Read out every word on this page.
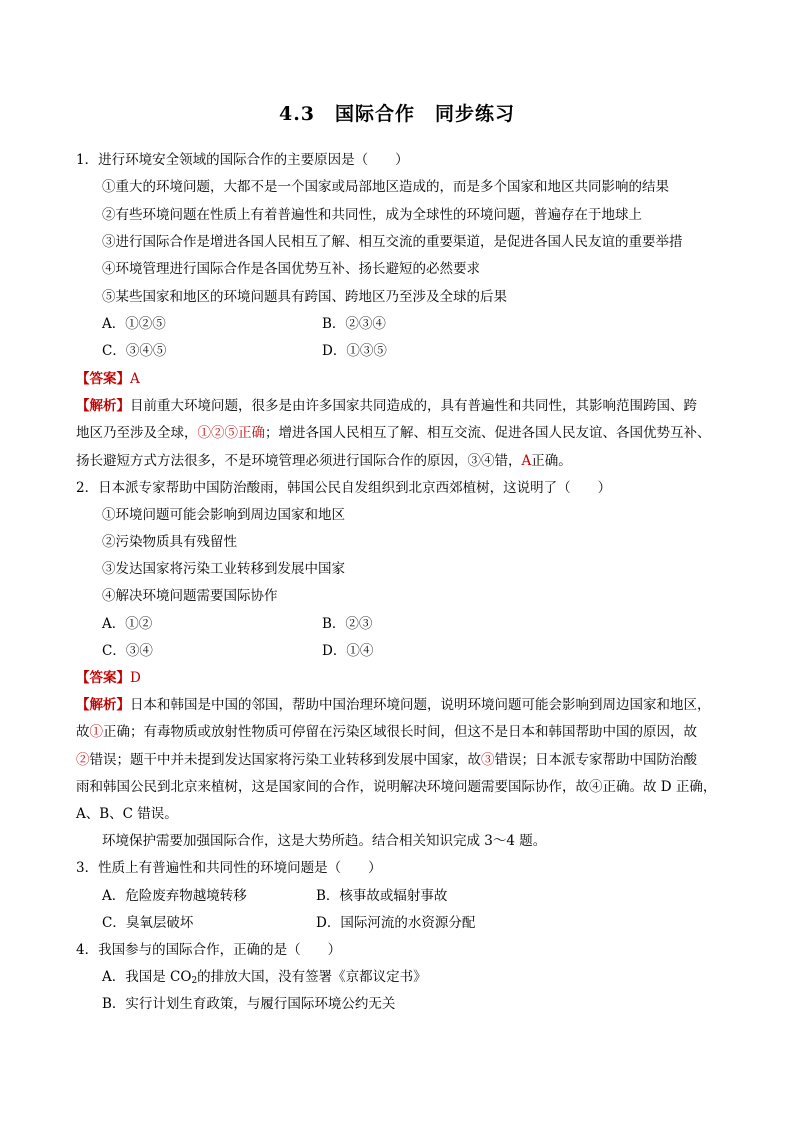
4.3　国际合作　同步练习
1．进行环境安全领域的国际合作的主要原因是（　　）
①重大的环境问题，大都不是一个国家或局部地区造成的，而是多个国家和地区共同影响的结果
②有些环境问题在性质上有着普遍性和共同性，成为全球性的环境问题，普遍存在于地球上
③进行国际合作是增进各国人民相互了解、相互交流的重要渠道，是促进各国人民友谊的重要举措
④环境管理进行国际合作是各国优势互补、扬长避短的必然要求
⑤某些国家和地区的环境问题具有跨国、跨地区乃至涉及全球的后果
A．①②⑤	B．②③④
C．③④⑤	D．①③⑤
【答案】A
【解析】目前重大环境问题，很多是由许多国家共同造成的，具有普遍性和共同性，其影响范围跨国、跨
地区乃至涉及全球，①②⑤正确；增进各国人民相互了解、相互交流、促进各国人民友谊、各国优势互补、
扬长避短方式方法很多，不是环境管理必须进行国际合作的原因，③④错，A正确。
2．日本派专家帮助中国防治酸雨，韩国公民自发组织到北京西郊植树，这说明了（　　）
①环境问题可能会影响到周边国家和地区
②污染物质具有残留性
③发达国家将污染工业转移到发展中国家
④解决环境问题需要国际协作
A．①②	B．②③
C．③④	D．①④
【答案】D
【解析】日本和韩国是中国的邻国，帮助中国治理环境问题，说明环境问题可能会影响到周边国家和地区，
故①正确；有毒物质或放射性物质可停留在污染区域很长时间，但这不是日本和韩国帮助中国的原因，故
②错误；题干中并未提到发达国家将污染工业转移到发展中国家，故③错误；日本派专家帮助中国防治酸
雨和韩国公民到北京来植树，这是国家间的合作，说明解决环境问题需要国际协作，故④正确。故 D 正确，
A、B、C 错误。
环境保护需要加强国际合作，这是大势所趋。结合相关知识完成 3～4 题。
3．性质上有普遍性和共同性的环境问题是（　　）
A．危险废弃物越境转移	B．核事故或辐射事故
C．臭氧层破坏	D．国际河流的水资源分配
4．我国参与的国际合作，正确的是（　　）
A．我国是 $CO_2$的排放大国，没有签署《京都议定书》
B．实行计划生育政策，与履行国际环境公约无关
